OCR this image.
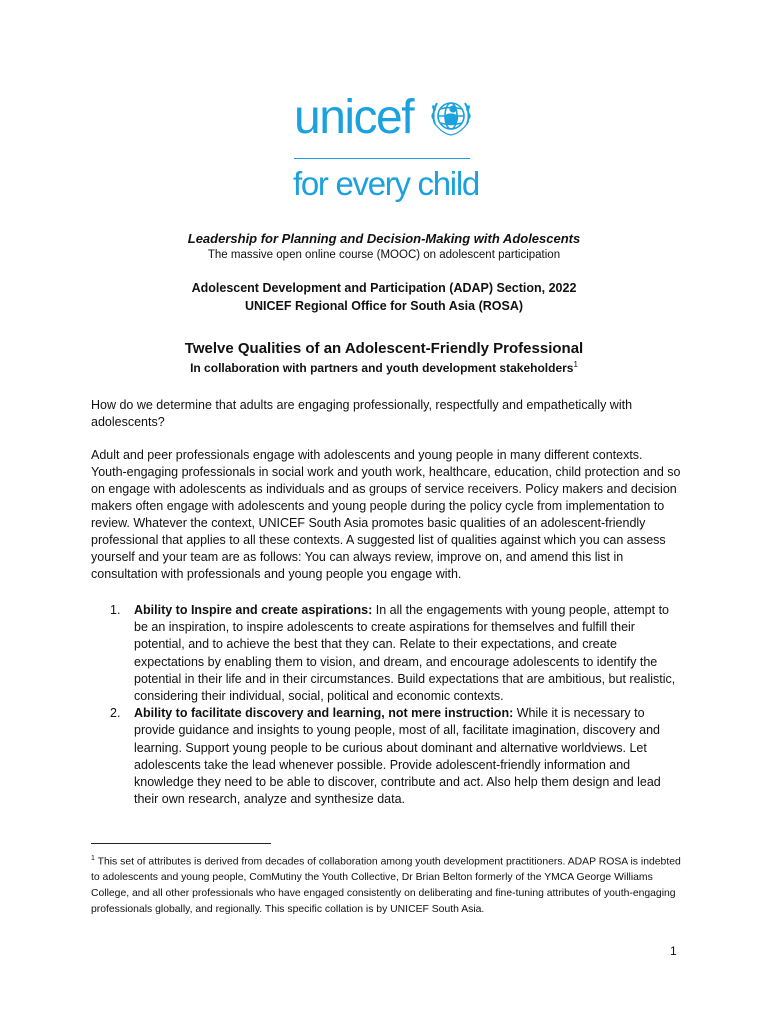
unicef
for every child
Leadership for Planning and Decision-Making with Adolescents
The massive open online course (MOOC) on adolescent participation
Adolescent Development and Participation (ADAP) Section, 2022
UNICEF Regional Office for South Asia (ROSA)
Twelve Qualities of an Adolescent-Friendly Professional
In collaboration with partners and youth development stakeholders$^1$
How do we determine that adults are engaging professionally, respectfully and empathetically with adolescents?
Adult and peer professionals engage with adolescents and young people in many different contexts. Youth-engaging professionals in social work and youth work, healthcare, education, child protection and so on engage with adolescents as individuals and as groups of service receivers. Policy makers and decision makers often engage with adolescents and young people during the policy cycle from implementation to review. Whatever the context, UNICEF South Asia promotes basic qualities of an adolescent-friendly professional that applies to all these contexts. A suggested list of qualities against which you can assess yourself and your team are as follows: You can always review, improve on, and amend this list in consultation with professionals and young people you engage with.
1. Ability to Inspire and create aspirations: In all the engagements with young people, attempt to be an inspiration, to inspire adolescents to create aspirations for themselves and fulfill their potential, and to achieve the best that they can. Relate to their expectations, and create expectations by enabling them to vision, and dream, and encourage adolescents to identify the potential in their life and in their circumstances. Build expectations that are ambitious, but realistic, considering their individual, social, political and economic contexts.
2. Ability to facilitate discovery and learning, not mere instruction: While it is necessary to provide guidance and insights to young people, most of all, facilitate imagination, discovery and learning. Support young people to be curious about dominant and alternative worldviews. Let adolescents take the lead whenever possible. Provide adolescent-friendly information and knowledge they need to be able to discover, contribute and act. Also help them design and lead their own research, analyze and synthesize data.
$^1$ This set of attributes is derived from decades of collaboration among youth development practitioners. ADAP ROSA is indebted to adolescents and young people, ComMutiny the Youth Collective, Dr Brian Belton formerly of the YMCA George Williams College, and all other professionals who have engaged consistently on deliberating and fine-tuning attributes of youth-engaging professionals globally, and regionally. This specific collation is by UNICEF South Asia.
1
